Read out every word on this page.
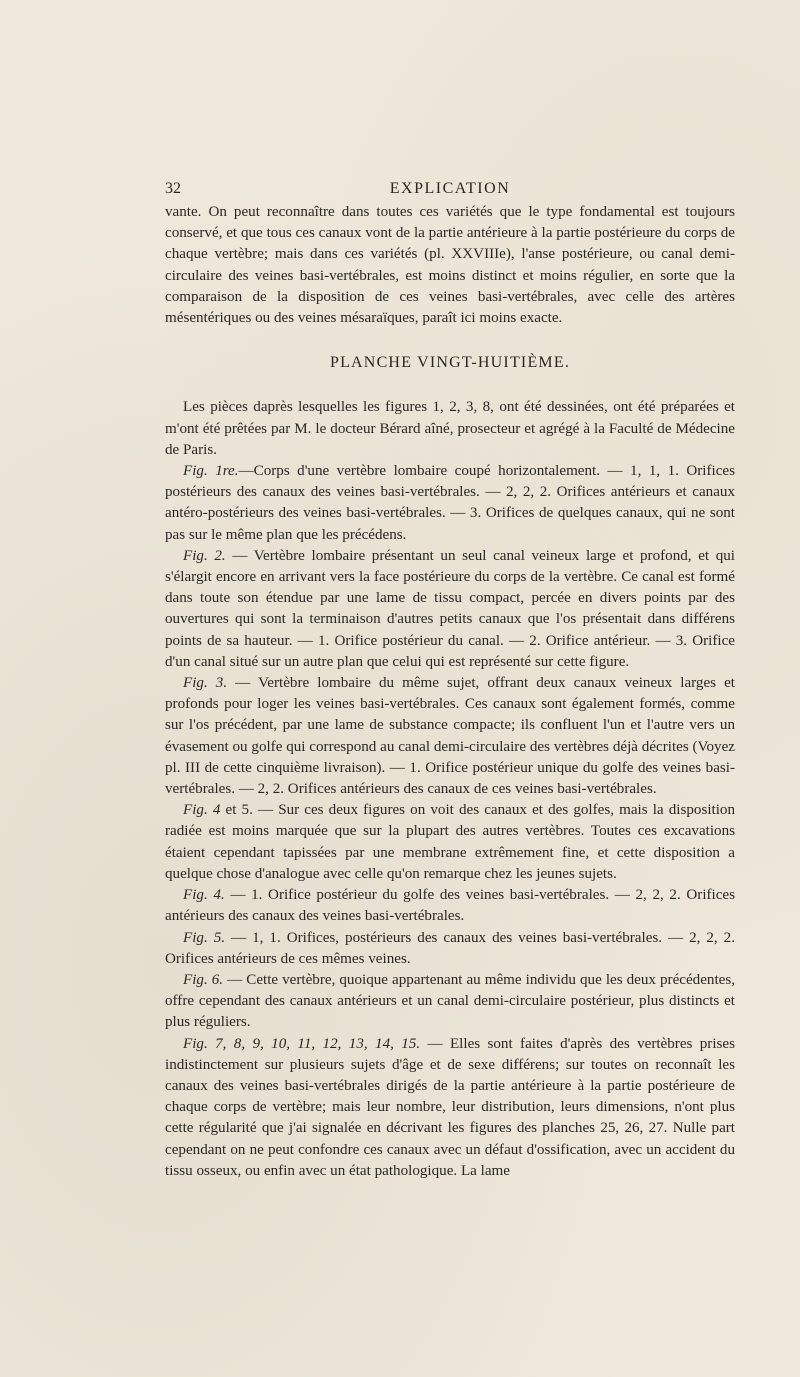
32	EXPLICATION

vante. On peut reconnaître dans toutes ces variétés que le type fondamental est toujours conservé, et que tous ces canaux vont de la partie antérieure à la partie postérieure du corps de chaque vertèbre; mais dans ces variétés (pl. XXVIIIe), l'anse postérieure, ou canal demi-circulaire des veines basi-vertébrales, est moins distinct et moins régulier, en sorte que la comparaison de la disposition de ces veines basi-vertébrales, avec celle des artères mésentériques ou des veines mésaraïques, paraît ici moins exacte.

PLANCHE VINGT-HUITIÈME.

Les pièces daprès lesquelles les figures 1, 2, 3, 8, ont été dessinées, ont été préparées et m'ont été prêtées par M. le docteur Bérard aîné, prosecteur et agrégé à la Faculté de Médecine de Paris.

Fig. 1re.—Corps d'une vertèbre lombaire coupé horizontalement. — 1, 1, 1. Orifices postérieurs des canaux des veines basi-vertébrales. — 2, 2, 2. Orifices antérieurs et canaux antéro-postérieurs des veines basi-vertébrales. — 3. Orifices de quelques canaux, qui ne sont pas sur le même plan que les précédens.

Fig. 2. — Vertèbre lombaire présentant un seul canal veineux large et profond, et qui s'élargit encore en arrivant vers la face postérieure du corps de la vertèbre. Ce canal est formé dans toute son étendue par une lame de tissu compact, percée en divers points par des ouvertures qui sont la terminaison d'autres petits canaux que l'os présentait dans différens points de sa hauteur. — 1. Orifice postérieur du canal. — 2. Orifice antérieur. — 3. Orifice d'un canal situé sur un autre plan que celui qui est représenté sur cette figure.

Fig. 3. — Vertèbre lombaire du même sujet, offrant deux canaux veineux larges et profonds pour loger les veines basi-vertébrales. Ces canaux sont également formés, comme sur l'os précédent, par une lame de substance compacte; ils confluent l'un et l'autre vers un évasement ou golfe qui correspond au canal demi-circulaire des vertèbres déjà décrites (Voyez pl. III de cette cinquième livraison). — 1. Orifice postérieur unique du golfe des veines basi-vertébrales. — 2, 2. Orifices antérieurs des canaux de ces veines basi-vertébrales.

Fig. 4 et 5. — Sur ces deux figures on voit des canaux et des golfes, mais la disposition radiée est moins marquée que sur la plupart des autres vertèbres. Toutes ces excavations étaient cependant tapissées par une membrane extrêmement fine, et cette disposition a quelque chose d'analogue avec celle qu'on remarque chez les jeunes sujets.

Fig. 4. — 1. Orifice postérieur du golfe des veines basi-vertébrales. — 2, 2, 2. Orifices antérieurs des canaux des veines basi-vertébrales.

Fig. 5. — 1, 1. Orifices, postérieurs des canaux des veines basi-vertébrales. — 2, 2, 2. Orifices antérieurs de ces mêmes veines.

Fig. 6. — Cette vertèbre, quoique appartenant au même individu que les deux précédentes, offre cependant des canaux antérieurs et un canal demi-circulaire postérieur, plus distincts et plus réguliers.

Fig. 7, 8, 9, 10, 11, 12, 13, 14, 15. — Elles sont faites d'après des vertèbres prises indistinctement sur plusieurs sujets d'âge et de sexe différens; sur toutes on reconnaît les canaux des veines basi-vertébrales dirigés de la partie antérieure à la partie postérieure de chaque corps de vertèbre; mais leur nombre, leur distribution, leurs dimensions, n'ont plus cette régularité que j'ai signalée en décrivant les figures des planches 25, 26, 27. Nulle part cependant on ne peut confondre ces canaux avec un défaut d'ossification, avec un accident du tissu osseux, ou enfin avec un état pathologique. La lame
